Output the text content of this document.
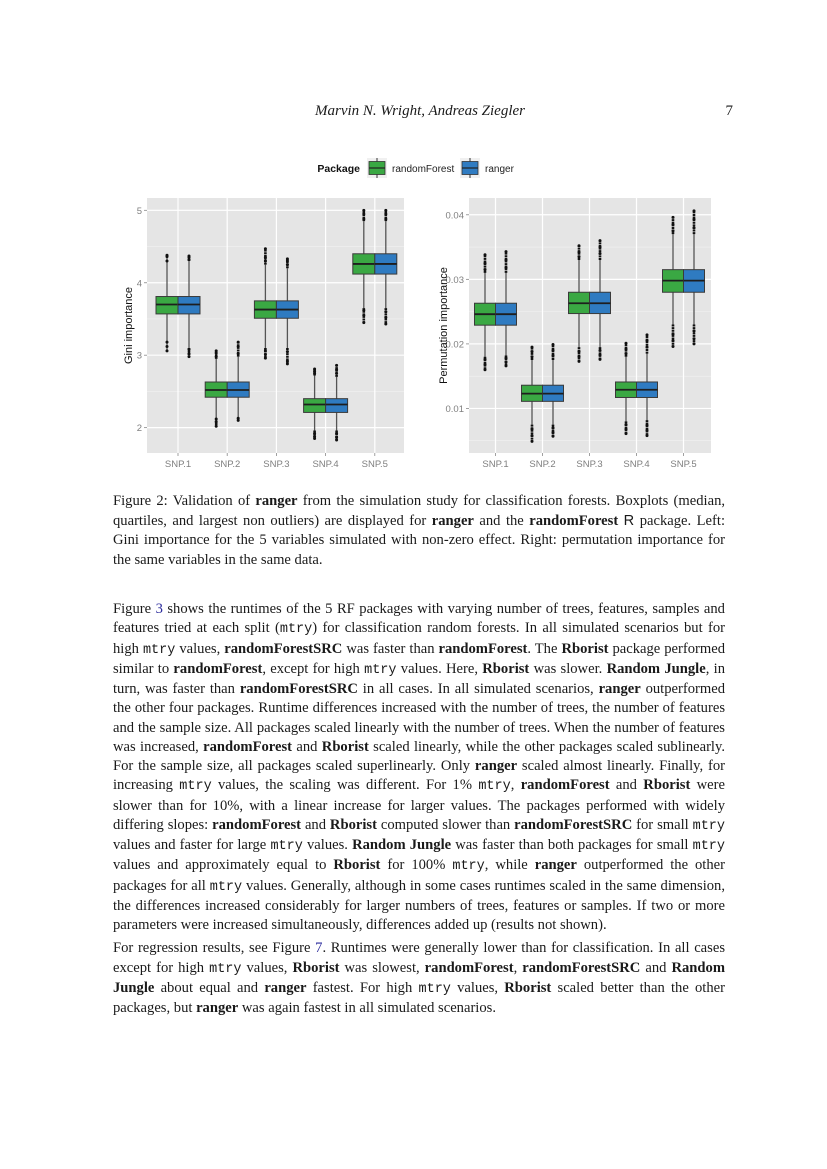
Marvin N. Wright, Andreas Ziegler	7
Package	randomForest	ranger
2
3
4
5
SNP.1 SNP.2 SNP.3 SNP.4 SNP.5
Gini importance
0.01
0.02
0.03
0.04
SNP.1 SNP.2 SNP.3 SNP.4 SNP.5
Permutation importance
Figure 2: Validation of ranger from the simulation study for classification forests. Boxplots (median, quartiles, and largest non outliers) are displayed for ranger and the randomForest R package. Left: Gini importance for the 5 variables simulated with non-zero effect. Right: permutation importance for the same variables in the same data.

Figure 3 shows the runtimes of the 5 RF packages with varying number of trees, features, samples and features tried at each split (mtry) for classification random forests. In all simulated scenarios but for high mtry values, randomForestSRC was faster than randomForest. The Rborist package performed similar to randomForest, except for high mtry values. Here, Rborist was slower. Random Jungle, in turn, was faster than randomForestSRC in all cases. In all simulated scenarios, ranger outperformed the other four packages. Runtime differences increased with the number of trees, the number of features and the sample size. All packages scaled linearly with the number of trees. When the number of features was increased, randomForest and Rborist scaled linearly, while the other packages scaled sublinearly. For the sample size, all packages scaled superlinearly. Only ranger scaled almost linearly. Finally, for increasing mtry values, the scaling was different. For 1% mtry, randomForest and Rborist were slower than for 10%, with a linear increase for larger values. The packages performed with widely differing slopes: randomForest and Rborist computed slower than randomForestSRC for small mtry values and faster for large mtry values. Random Jungle was faster than both packages for small mtry values and approximately equal to Rborist for 100% mtry, while ranger outperformed the other packages for all mtry values. Generally, although in some cases runtimes scaled in the same dimension, the differences increased considerably for larger numbers of trees, features or samples. If two or more parameters were increased simultaneously, differences added up (results not shown).

For regression results, see Figure 7. Runtimes were generally lower than for classification. In all cases except for high mtry values, Rborist was slowest, randomForest, randomForestSRC and Random Jungle about equal and ranger fastest. For high mtry values, Rborist scaled better than the other packages, but ranger was again fastest in all simulated scenarios.
